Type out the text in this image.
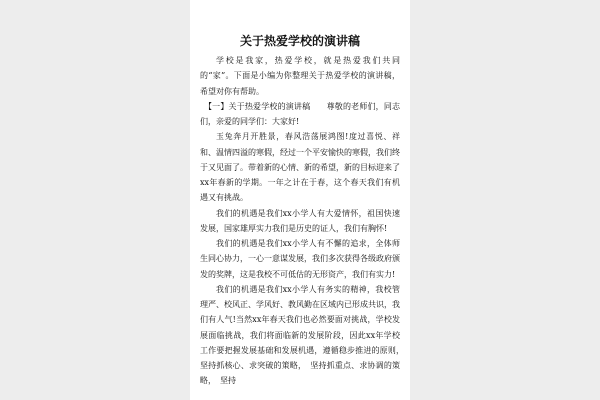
关于热爱学校的演讲稿

学校是我家，热爱学校，就是热爱我们共同的“家”。下面是小编为你整理关于热爱学校的演讲稿，希望对你有帮助。

【一】关于热爱学校的演讲稿　　尊敬的老师们，同志们，亲爱的同学们：大家好!

玉兔奔月开胜景，春风浩荡展鸿图!度过喜悦、祥和、温情四溢的寒假，经过一个平安愉快的寒假，我们终于又见面了。带着新的心情、新的希望，新的目标迎来了xx年春新的学期。一年之计在于春，这个春天我们有机遇又有挑战。

我们的机遇是我们xx小学人有大爱情怀，祖国快速发展，国家雄厚实力我们是历史的证人，我们有胸怀!

我们的机遇是我们xx小学人有不懈的追求，全体师生同心协力，一心一意谋发展，我们多次获得各级政府颁发的奖牌，这是我校不可低估的无形资产，我们有实力!

我们的机遇是我们xx小学人有务实的精神，我校管理严、校风正、学风好、教风勤在区域内已形成共识，我们有人气!当然xx年春天我们也必然要面对挑战，学校发展面临挑战，我们将面临新的发展阶段，因此xx年学校工作要把握发展基础和发展机遇，遵循稳步推进的原则，　坚持抓核心、求突破的策略，　坚持抓重点、求协调的策略，　坚持
